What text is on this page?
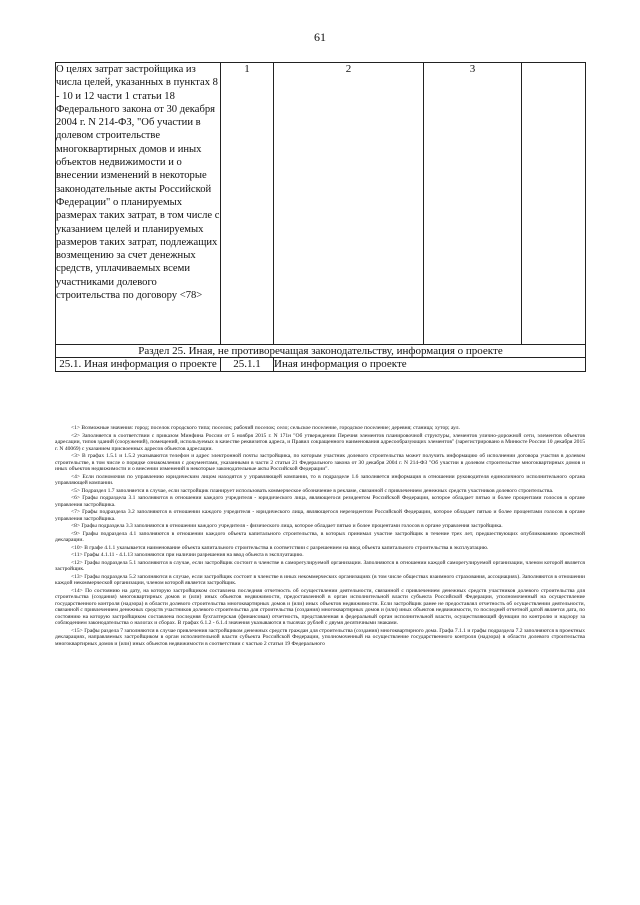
61
О целях затрат застройщика из числа целей, указанных в пунктах 8 - 10 и 12 части 1 статьи 18 Федерального закона от 30 декабря 2004 г. N 214-ФЗ, "Об участии в долевом строительстве многоквартирных домов и иных объектов недвижимости и о внесении изменений в некоторые законодательные акты Российской Федерации" о планируемых размерах таких затрат, в том числе с указанием целей и планируемых размеров таких затрат, подлежащих возмещению за счет денежных средств, уплачиваемых всеми участниками долевого строительства по договору <78>	1	2	3	
Раздел 25. Иная, не противоречащая законодательству, информация о проекте				
25.1. Иная информация о проекте	25.1.1	Иная информация о проекте		

<1> Возможные значения: город; поселок городского типа; поселок; рабочий поселок; село; сельское поселение, городское поселение; деревня; станица; хутор; аул.

<2> Заполняется в соответствии с приказом Минфина России от 5 ноября 2015 г. N 171н "Об утверждении Перечня элементов планировочной структуры, элементов улично-дорожной сети, элементов объектов адресации, типов зданий (сооружений), помещений, используемых в качестве реквизитов адреса, и Правил сокращенного наименования адресообразующих элементов" (зарегистрировано в Минюсте России 10 декабря 2015 г. N 40069) с указанием присвоенных адресов объектов адресации.

<3> В графах 1.5.1 и 1.5.2 указываются телефон и адрес электронной почты застройщика, по которым участник долевого строительства может получить информацию об исполнении договора участия в долевом строительстве, в том числе о порядке ознакомления с документами, указанными в части 2 статьи 21 Федерального закона от 30 декабря 2004 г. N 214-ФЗ "Об участии в долевом строительстве многоквартирных домов и иных объектов недвижимости и о внесении изменений в некоторые законодательные акты Российской Федерации".

<4> Если полномочия по управлению юридическим лицом находятся у управляющей компании, то в подразделе 1.6 заполняется информация в отношении руководителя единоличного исполнительного органа управляющей компании.

<5> Подраздел 1.7 заполняется в случае, если застройщик планирует использовать коммерческое обозначение в рекламе, связанной с привлечением денежных средств участников долевого строительства.

<6> Графы подраздела 3.1 заполняются в отношении каждого учредителя - юридического лица, являющегося резидентом Российской Федерации, которое обладает пятью и более процентами голосов в органе управления застройщика.

<7> Графы подраздела 3.2 заполняются в отношении каждого учредителя - юридического лица, являющегося нерезидентом Российской Федерации, которое обладает пятью и более процентами голосов в органе управления застройщика.

<8> Графы подраздела 3.3 заполняются в отношении каждого учредителя - физического лица, которое обладает пятью и более процентами голосов в органе управления застройщика.

<9> Графы подраздела 4.1 заполняются в отношении каждого объекта капитального строительства, в которых принимал участие застройщик в течение трех лет, предшествующих опубликованию проектной декларации.

<10> В графе 4.1.1 указывается наименование объекта капитального строительства в соответствии с разрешением на ввод объекта капитального строительства в эксплуатацию.

<11> Графы 4.1.11 - 4.1.13 заполняются при наличии разрешения на ввод объекта в эксплуатацию.

<12> Графы подраздела 5.1 заполняются в случае, если застройщик состоит в членстве в саморегулируемой организации. Заполняются в отношении каждой саморегулируемой организации, членом которой является застройщик.

<13> Графы подраздела 5.2 заполняются в случае, если застройщик состоит в членстве в иных некоммерческих организациях (в том числе обществах взаимного страхования, ассоциациях). Заполняются в отношении каждой некоммерческой организации, членом которой является застройщик.

<14> По состоянию на дату, на которую застройщиком составлена последняя отчетность об осуществлении деятельности, связанной с привлечением денежных средств участников долевого строительства для строительства (создания) многоквартирных домов и (или) иных объектов недвижимости, предоставленной в орган исполнительной власти субъекта Российской Федерации, уполномоченный на осуществление государственного контроля (надзора) в области долевого строительства многоквартирных домов и (или) иных объектов недвижимости. Если застройщик ранее не предоставлял отчетность об осуществлении деятельности, связанной с привлечением денежных средств участников долевого строительства для строительства (создания) многоквартирных домов и (или) иных объектов недвижимости, то последней отчетной датой является дата, по состоянию на которую застройщиком составлена последняя бухгалтерская (финансовая) отчетность, представленная в федеральный орган исполнительной власти, осуществляющий функции по контролю и надзору за соблюдением законодательства о налогах и сборах. В графах 6.1.2 - 6.1.4 значения указываются в тысячах рублей с двумя десятичными знаками.

<15> Графы раздела 7 заполняются в случае привлечения застройщиком денежных средств граждан для строительства (создания) многоквартирного дома. Графа 7.1.1 и графы подраздела 7.2 заполняются в проектных декларациях, направляемых застройщиком в орган исполнительной власти субъекта Российской Федерации, уполномоченный на осуществление государственного контроля (надзора) в области долевого строительства многоквартирных домов и (или) иных объектов недвижимости в соответствии с частью 2 статьи 19 Федерального
